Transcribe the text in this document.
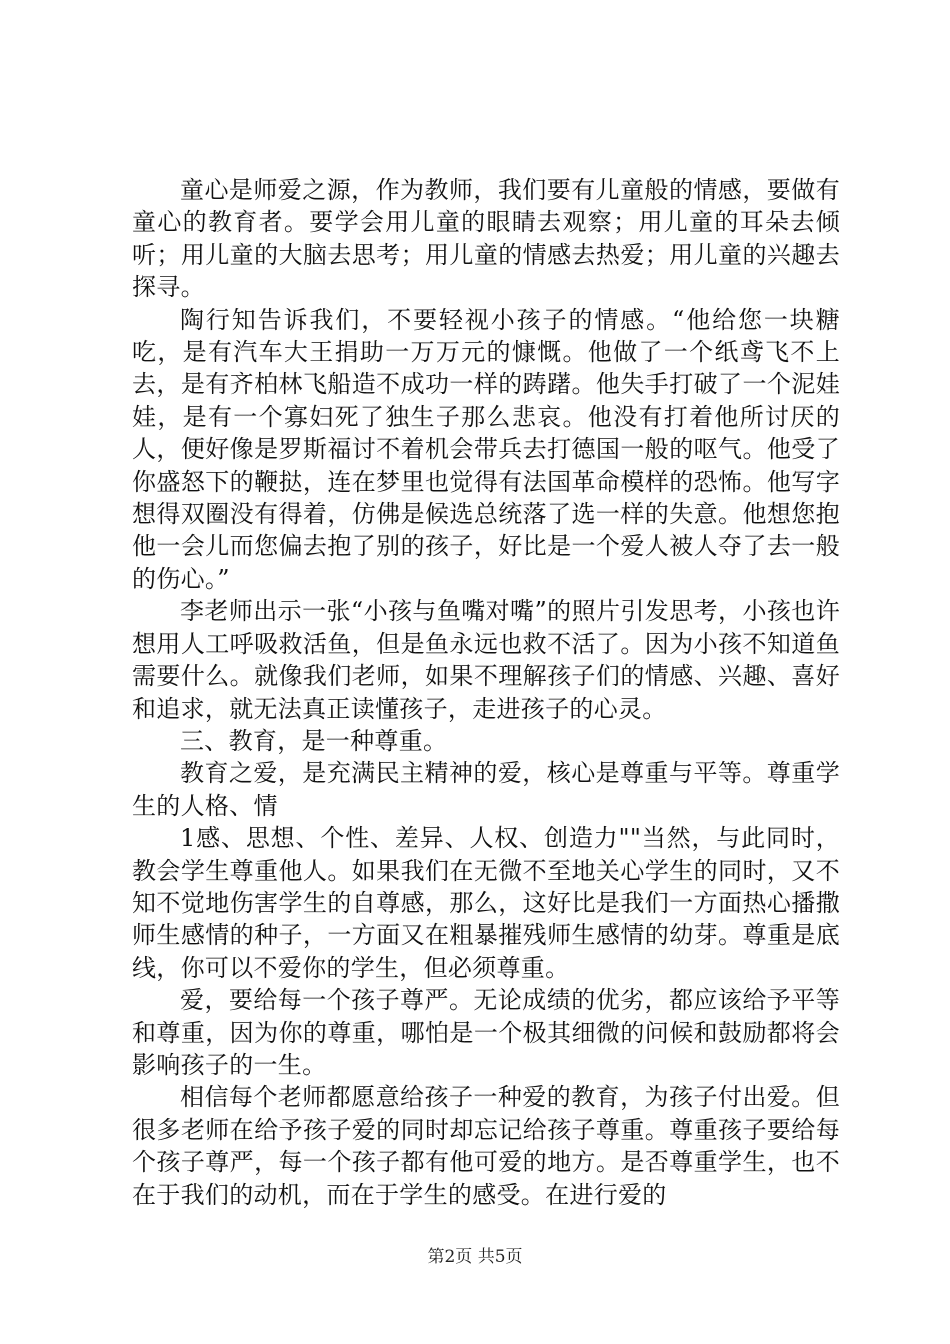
童心是师爱之源，作为教师，我们要有儿童般的情感，要做有童心的教育者。要学会用儿童的眼睛去观察；用儿童的耳朵去倾听；用儿童的大脑去思考；用儿童的情感去热爱；用儿童的兴趣去探寻。

陶行知告诉我们，不要轻视小孩子的情感。“他给您一块糖吃，是有汽车大王捐助一万万元的慷慨。他做了一个纸鸢飞不上去，是有齐柏林飞船造不成功一样的踌躇。他失手打破了一个泥娃娃，是有一个寡妇死了独生子那么悲哀。他没有打着他所讨厌的人，便好像是罗斯福讨不着机会带兵去打德国一般的呕气。他受了你盛怒下的鞭挞，连在梦里也觉得有法国革命模样的恐怖。他写字想得双圈没有得着，仿佛是候选总统落了选一样的失意。他想您抱他一会儿而您偏去抱了别的孩子，好比是一个爱人被人夺了去一般的伤心。”

李老师出示一张“小孩与鱼嘴对嘴”的照片引发思考，小孩也许想用人工呼吸救活鱼，但是鱼永远也救不活了。因为小孩不知道鱼需要什么。就像我们老师，如果不理解孩子们的情感、兴趣、喜好和追求，就无法真正读懂孩子，走进孩子的心灵。

三、教育，是一种尊重。

教育之爱，是充满民主精神的爱，核心是尊重与平等。尊重学生的人格、情

1感、思想、个性、差异、人权、创造力""当然，与此同时，教会学生尊重他人。如果我们在无微不至地关心学生的同时，又不知不觉地伤害学生的自尊感，那么，这好比是我们一方面热心播撒师生感情的种子，一方面又在粗暴摧残师生感情的幼芽。尊重是底线，你可以不爱你的学生，但必须尊重。

爱，要给每一个孩子尊严。无论成绩的优劣，都应该给予平等和尊重，因为你的尊重，哪怕是一个极其细微的问候和鼓励都将会影响孩子的一生。

相信每个老师都愿意给孩子一种爱的教育，为孩子付出爱。但很多老师在给予孩子爱的同时却忘记给孩子尊重。尊重孩子要给每个孩子尊严，每一个孩子都有他可爱的地方。是否尊重学生，也不在于我们的动机，而在于学生的感受。在进行爱的

第2页 共5页
